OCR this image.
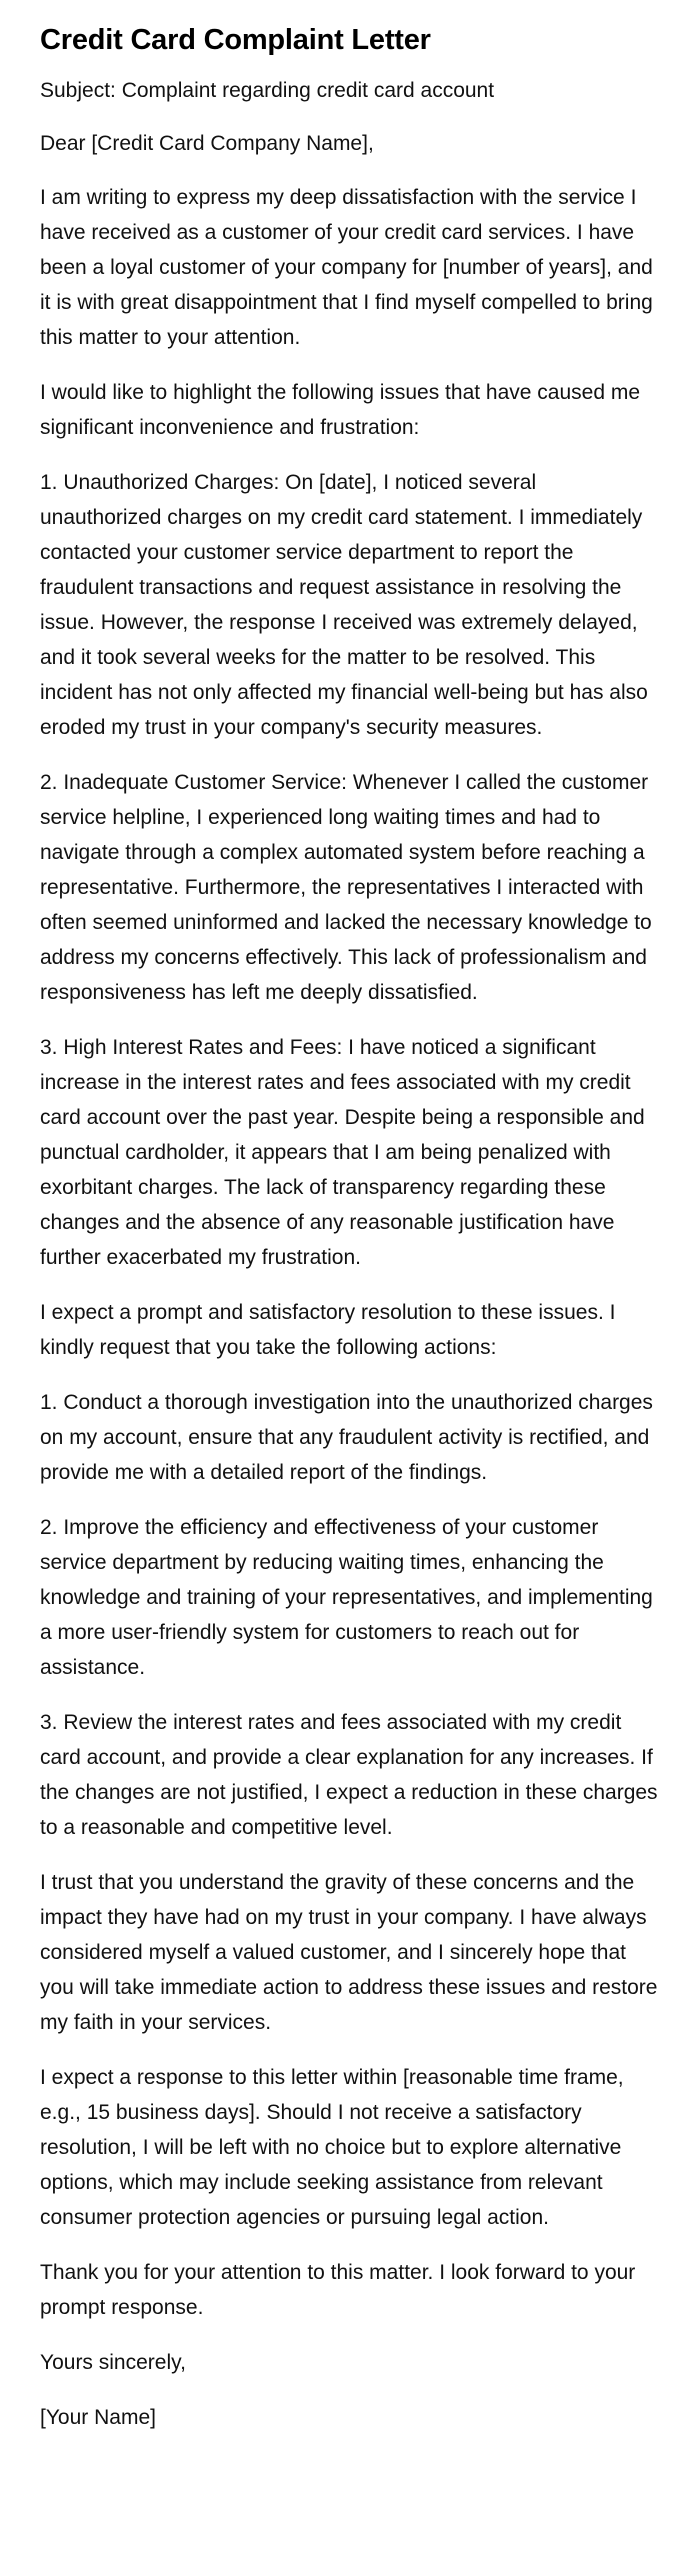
Credit Card Complaint Letter

Subject: Complaint regarding credit card account

Dear [Credit Card Company Name],

I am writing to express my deep dissatisfaction with the service I have received as a customer of your credit card services. I have been a loyal customer of your company for [number of years], and it is with great disappointment that I find myself compelled to bring this matter to your attention.

I would like to highlight the following issues that have caused me significant inconvenience and frustration:

1. Unauthorized Charges: On [date], I noticed several unauthorized charges on my credit card statement. I immediately contacted your customer service department to report the fraudulent transactions and request assistance in resolving the issue. However, the response I received was extremely delayed, and it took several weeks for the matter to be resolved. This incident has not only affected my financial well-being but has also eroded my trust in your company's security measures.

2. Inadequate Customer Service: Whenever I called the customer service helpline, I experienced long waiting times and had to navigate through a complex automated system before reaching a representative. Furthermore, the representatives I interacted with often seemed uninformed and lacked the necessary knowledge to address my concerns effectively. This lack of professionalism and responsiveness has left me deeply dissatisfied.

3. High Interest Rates and Fees: I have noticed a significant increase in the interest rates and fees associated with my credit card account over the past year. Despite being a responsible and punctual cardholder, it appears that I am being penalized with exorbitant charges. The lack of transparency regarding these changes and the absence of any reasonable justification have further exacerbated my frustration.

I expect a prompt and satisfactory resolution to these issues. I kindly request that you take the following actions:

1. Conduct a thorough investigation into the unauthorized charges on my account, ensure that any fraudulent activity is rectified, and provide me with a detailed report of the findings.

2. Improve the efficiency and effectiveness of your customer service department by reducing waiting times, enhancing the knowledge and training of your representatives, and implementing a more user-friendly system for customers to reach out for assistance.

3. Review the interest rates and fees associated with my credit card account, and provide a clear explanation for any increases. If the changes are not justified, I expect a reduction in these charges to a reasonable and competitive level.

I trust that you understand the gravity of these concerns and the impact they have had on my trust in your company. I have always considered myself a valued customer, and I sincerely hope that you will take immediate action to address these issues and restore my faith in your services.

I expect a response to this letter within [reasonable time frame, e.g., 15 business days]. Should I not receive a satisfactory resolution, I will be left with no choice but to explore alternative options, which may include seeking assistance from relevant consumer protection agencies or pursuing legal action.

Thank you for your attention to this matter. I look forward to your prompt response.

Yours sincerely,

[Your Name]
